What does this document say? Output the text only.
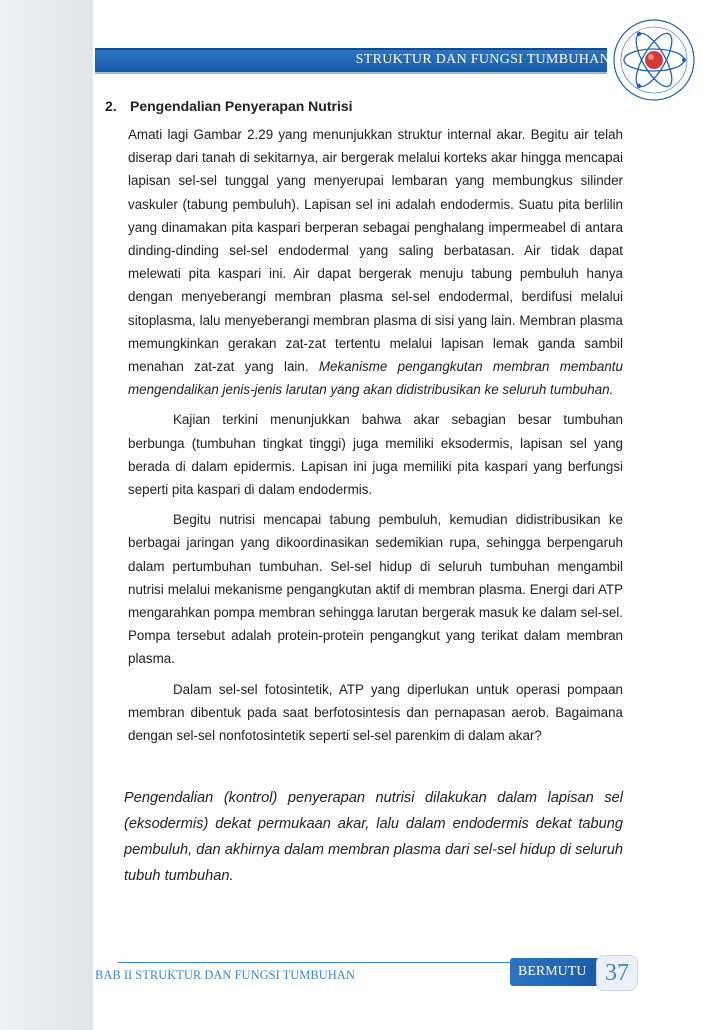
STRUKTUR DAN FUNGSI TUMBUHAN
2. Pengendalian Penyerapan Nutrisi

Amati lagi Gambar 2.29 yang menunjukkan struktur internal akar. Begitu air telah diserap dari tanah di sekitarnya, air bergerak melalui korteks akar hingga mencapai lapisan sel-sel tunggal yang menyerupai lembaran yang membungkus silinder vaskuler (tabung pembuluh). Lapisan sel ini adalah endodermis. Suatu pita berlilin yang dinamakan pita kaspari berperan sebagai penghalang impermeabel di antara dinding-dinding sel-sel endodermal yang saling berbatasan. Air tidak dapat melewati pita kaspari ini. Air dapat bergerak menuju tabung pembuluh hanya dengan menyeberangi membran plasma sel-sel endodermal, berdifusi melalui sitoplasma, lalu menyeberangi membran plasma di sisi yang lain. Membran plasma memungkinkan gerakan zat-zat tertentu melalui lapisan lemak ganda sambil menahan zat-zat yang lain. Mekanisme pengangkutan membran membantu mengendalikan jenis-jenis larutan yang akan didistribusikan ke seluruh tumbuhan.

Kajian terkini menunjukkan bahwa akar sebagian besar tumbuhan berbunga (tumbuhan tingkat tinggi) juga memiliki eksodermis, lapisan sel yang berada di dalam epidermis. Lapisan ini juga memiliki pita kaspari yang berfungsi seperti pita kaspari di dalam endodermis.

Begitu nutrisi mencapai tabung pembuluh, kemudian didistribusikan ke berbagai jaringan yang dikoordinasikan sedemikian rupa, sehingga berpengaruh dalam pertumbuhan tumbuhan. Sel-sel hidup di seluruh tumbuhan mengambil nutrisi melalui mekanisme pengangkutan aktif di membran plasma. Energi dari ATP mengarahkan pompa membran sehingga larutan bergerak masuk ke dalam sel-sel. Pompa tersebut adalah protein-protein pengangkut yang terikat dalam membran plasma.

Dalam sel-sel fotosintetik, ATP yang diperlukan untuk operasi pompaan membran dibentuk pada saat berfotosintesis dan pernapasan aerob. Bagaimana dengan sel-sel nonfotosintetik seperti sel-sel parenkim di dalam akar?

Pengendalian (kontrol) penyerapan nutrisi dilakukan dalam lapisan sel (eksodermis) dekat permukaan akar, lalu dalam endodermis dekat tabung pembuluh, dan akhirnya dalam membran plasma dari sel-sel hidup di seluruh tubuh tumbuhan.
BAB II STRUKTUR DAN FUNGSI TUMBUHAN	BERMUTU 37
